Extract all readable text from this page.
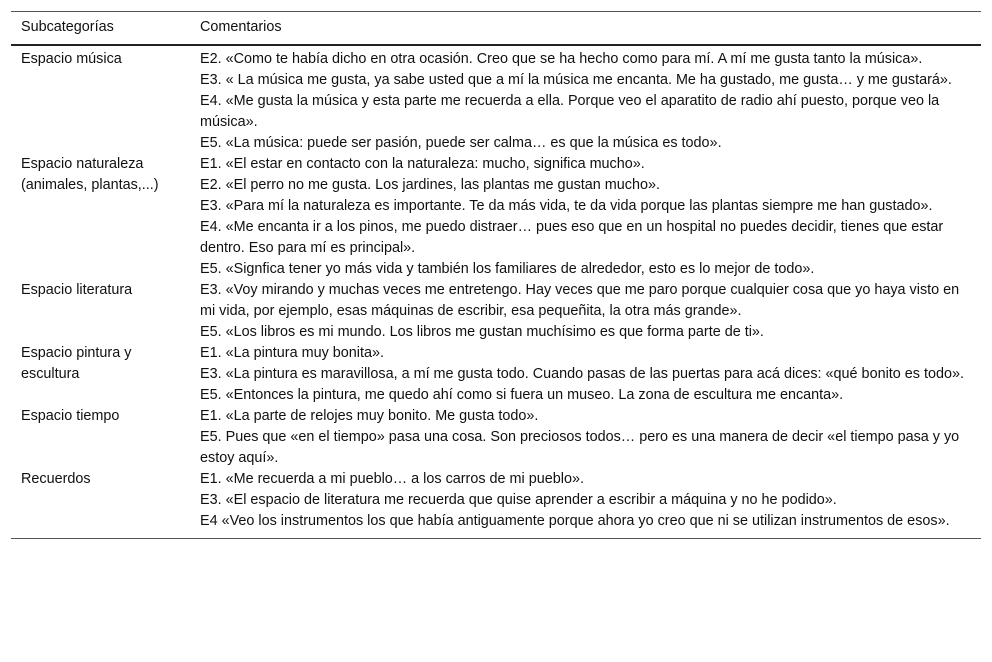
Subcategorías	Comentarios
Espacio música	E2. «Como te había dicho en otra ocasión. Creo que se ha hecho como para mí. A mí me gusta tanto la música».
E3. « La música me gusta, ya sabe usted que a mí la música me encanta. Me ha gustado, me gusta… y me gustará».
E4. «Me gusta la música y esta parte me recuerda a ella. Porque veo el aparatito de radio ahí puesto, porque veo la música».
E5. «La música: puede ser pasión, puede ser calma… es que la música es todo».

Espacio naturaleza (animales, plantas,...)	E1. «El estar en contacto con la naturaleza: mucho, significa mucho».
E2. «El perro no me gusta. Los jardines, las plantas me gustan mucho».
E3. «Para mí la naturaleza es importante. Te da más vida, te da vida porque las plantas siempre me han gustado».
E4. «Me encanta ir a los pinos, me puedo distraer… pues eso que en un hospital no puedes decidir, tienes que estar dentro. Eso para mí es principal».
E5. «Signfica tener yo más vida y también los familiares de alrededor, esto es lo mejor de todo».

Espacio literatura	E3. «Voy mirando y muchas veces me entretengo. Hay veces que me paro porque cualquier cosa que yo haya visto en mi vida, por ejemplo, esas máquinas de escribir, esa pequeñita, la otra más grande».
E5. «Los libros es mi mundo. Los libros me gustan muchísimo es que forma parte de ti».

Espacio pintura y escultura	E1. «La pintura muy bonita».
E3. «La pintura es maravillosa, a mí me gusta todo. Cuando pasas de las puertas para acá dices: «qué bonito es todo».
E5. «Entonces la pintura, me quedo ahí como si fuera un museo. La zona de escultura me encanta».

Espacio tiempo	E1. «La parte de relojes muy bonito. Me gusta todo».
E5. Pues que «en el tiempo» pasa una cosa. Son preciosos todos… pero es una manera de decir «el tiempo pasa y yo estoy aquí».

Recuerdos	E1. «Me recuerda a mi pueblo… a los carros de mi pueblo».
E3. «El espacio de literatura me recuerda que quise aprender a escribir a máquina y no he podido».
E4 «Veo los instrumentos los que había antiguamente porque ahora yo creo que ni se utilizan instrumentos de esos».
